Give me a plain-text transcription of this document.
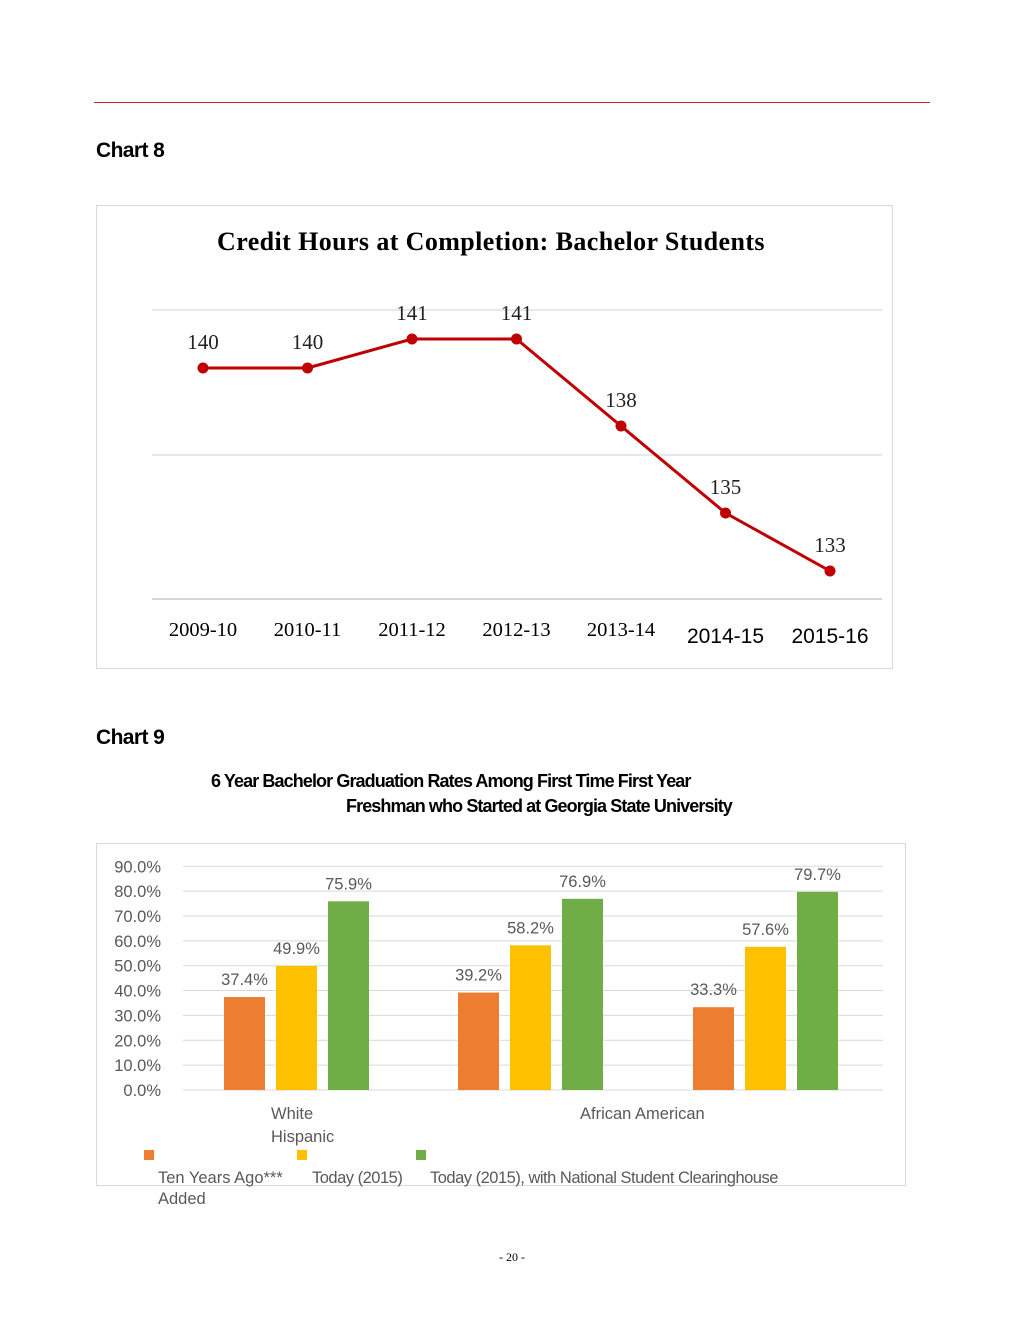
Chart 8
Credit Hours at Completion: Bachelor Students
140	140
141	141
138
135
133
2009-10 2010-11 2011-12 2012-13 2013-14 2014-15 2015-16
Chart 9
6 Year Bachelor Graduation Rates Among First Time First Year
Freshman who Started at Georgia State University
0.0%
10.0%
20.0%
30.0%
40.0%
50.0%
60.0%
70.0%
80.0%
90.0%
37.4%	39.2%
33.3%
49.9%
58.2%	57.6%
75.9%	76.9%	79.7%
White
Hispanic
African American
Ten Years Ago*** Today (2015) Today (2015), with National Student Clearinghouse
Added
- 20 -
